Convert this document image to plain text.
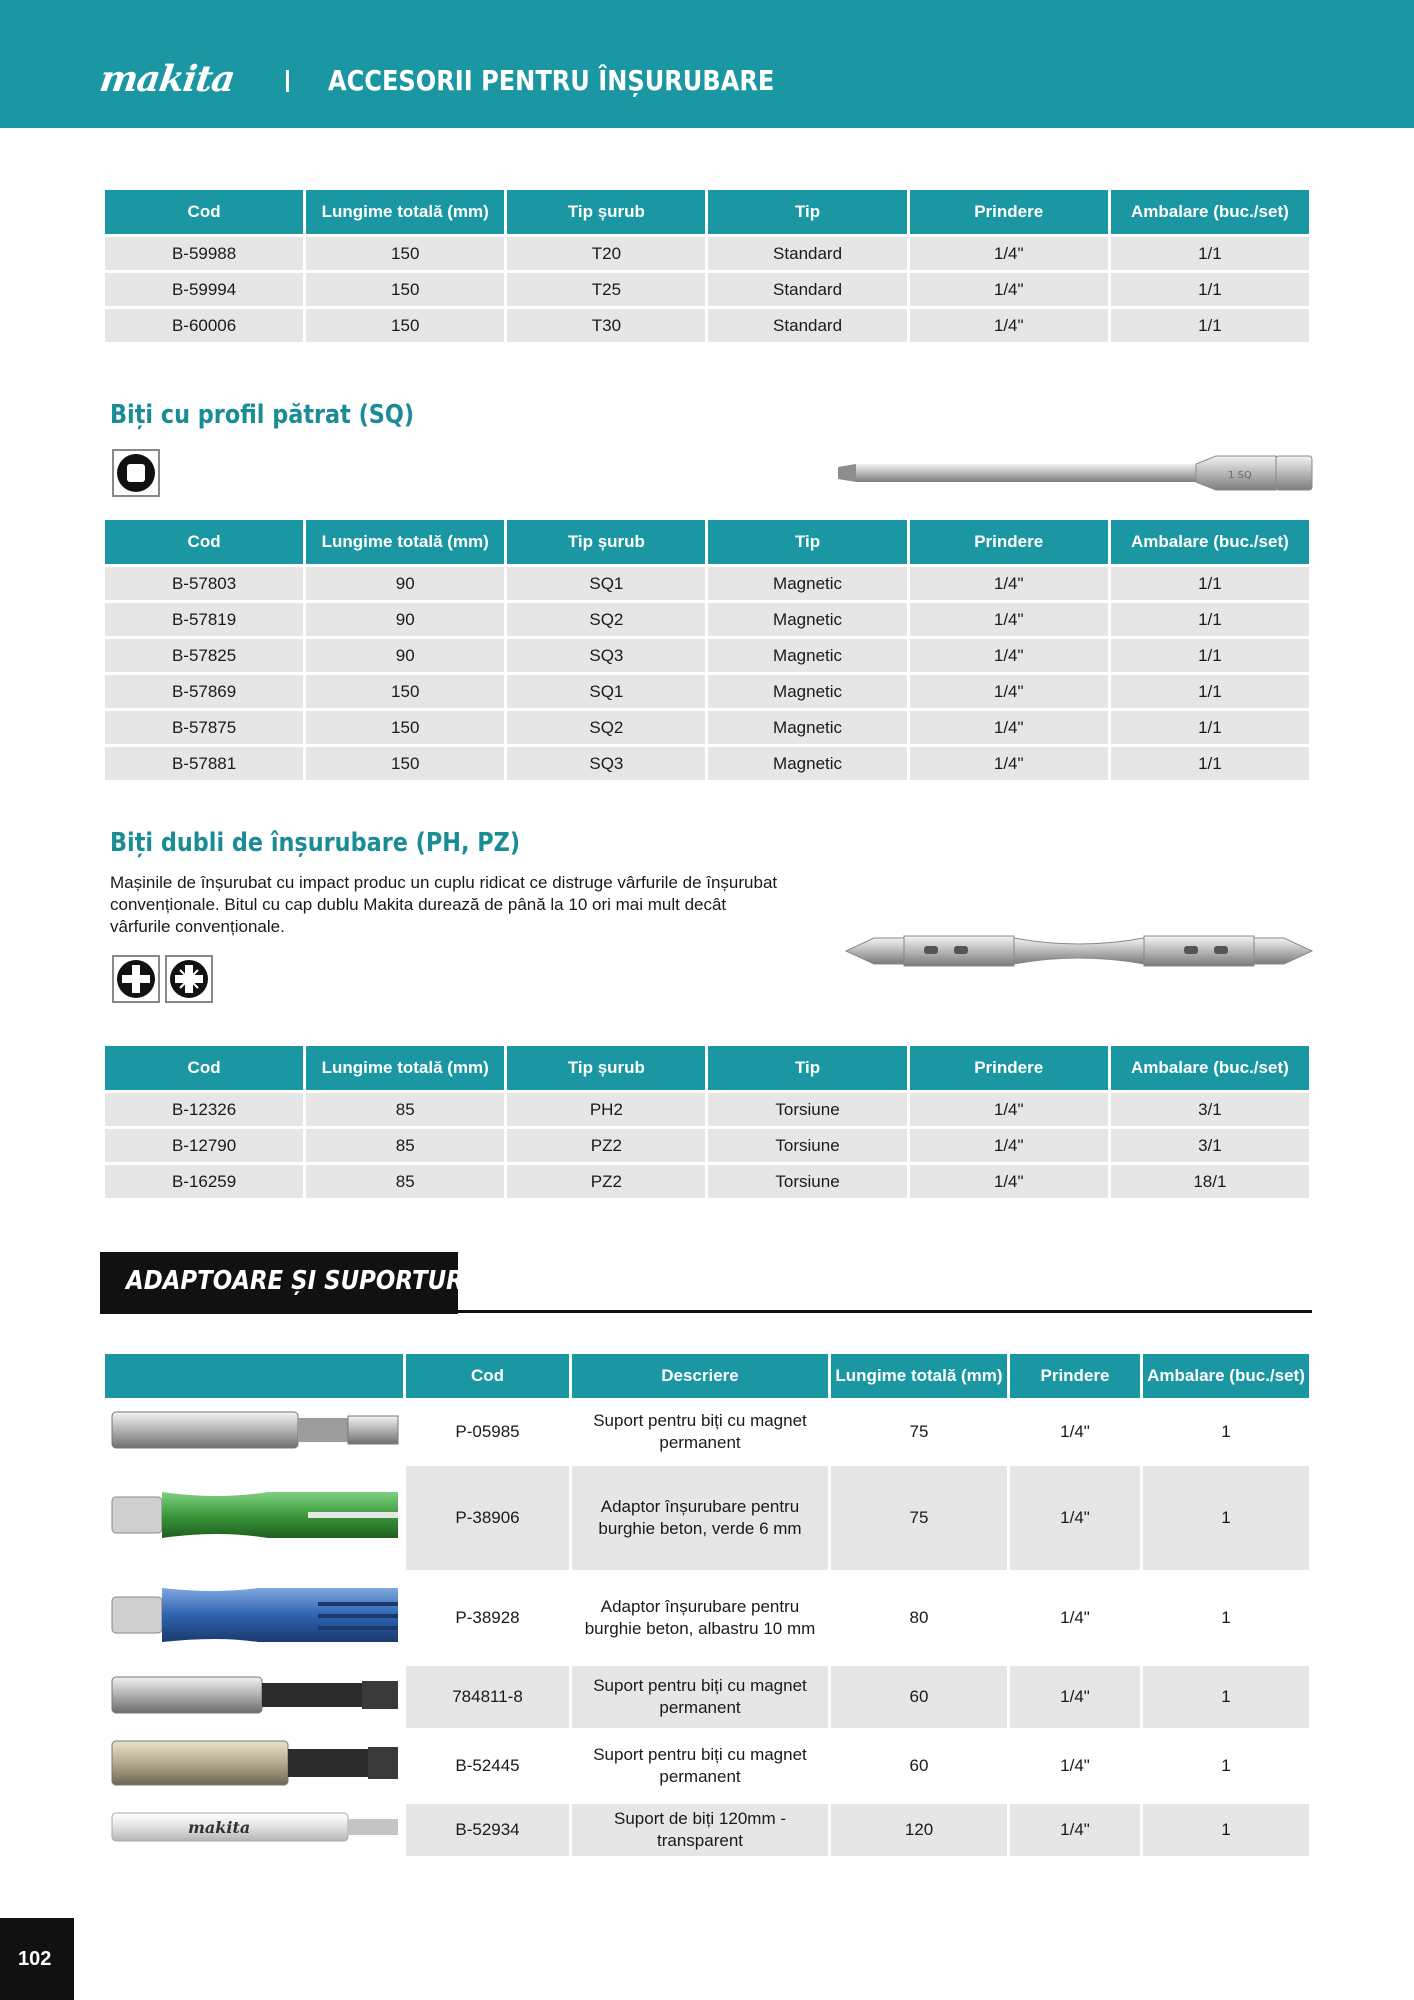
makita	ACCESORII PENTRU ÎNȘURUBARE
Cod	Lungime totală (mm)	Tip șurub	Tip	Prindere	Ambalare (buc./set)

B-59988	150	T20	Standard	1/4"	1/1

B-59994	150	T25	Standard	1/4"	1/1

B-60006	150	T30	Standard	1/4"	1/1
Biți cu profil pătrat (SQ)
1 SQ
Cod	Lungime totală (mm)	Tip șurub	Tip	Prindere	Ambalare (buc./set)

B-57803	90	SQ1	Magnetic	1/4"	1/1

B-57819	90	SQ2	Magnetic	1/4"	1/1

B-57825	90	SQ3	Magnetic	1/4"	1/1

B-57869	150	SQ1	Magnetic	1/4"	1/1

B-57875	150	SQ2	Magnetic	1/4"	1/1

B-57881	150	SQ3	Magnetic	1/4"	1/1
Biți dubli de înșurubare (PH, PZ)
Mașinile de înșurubat cu impact produc un cuplu ridicat ce distruge vârfurile de înșurubat
convenționale. Bitul cu cap dublu Makita durează de până la 10 ori mai mult decât
vârfurile convenționale.
Cod	Lungime totală (mm)	Tip șurub	Tip	Prindere	Ambalare (buc./set)

B-12326	85	PH2	Torsiune	1/4"	3/1

B-12790	85	PZ2	Torsiune	1/4"	3/1

B-16259	85	PZ2	Torsiune	1/4"	18/1
ADAPTOARE ȘI SUPORTURI
	Cod	Descriere	Lungime totală (mm)	Prindere	Ambalare (buc./set)

	P-05985	Suport pentru biți cu magnet
permanent	75	1/4"	1

	P-38906	Adaptor înșurubare pentru
burghie beton, verde 6 mm	75	1/4"	1

	P-38928	Adaptor înșurubare pentru
burghie beton, albastru 10 mm	80	1/4"	1

	784811-8	Suport pentru biți cu magnet
permanent	60	1/4"	1

	B-52445	Suport pentru biți cu magnet
permanent	60	1/4"	1

makita	B-52934	Suport de biți 120mm -
transparent	120	1/4"	1
102
